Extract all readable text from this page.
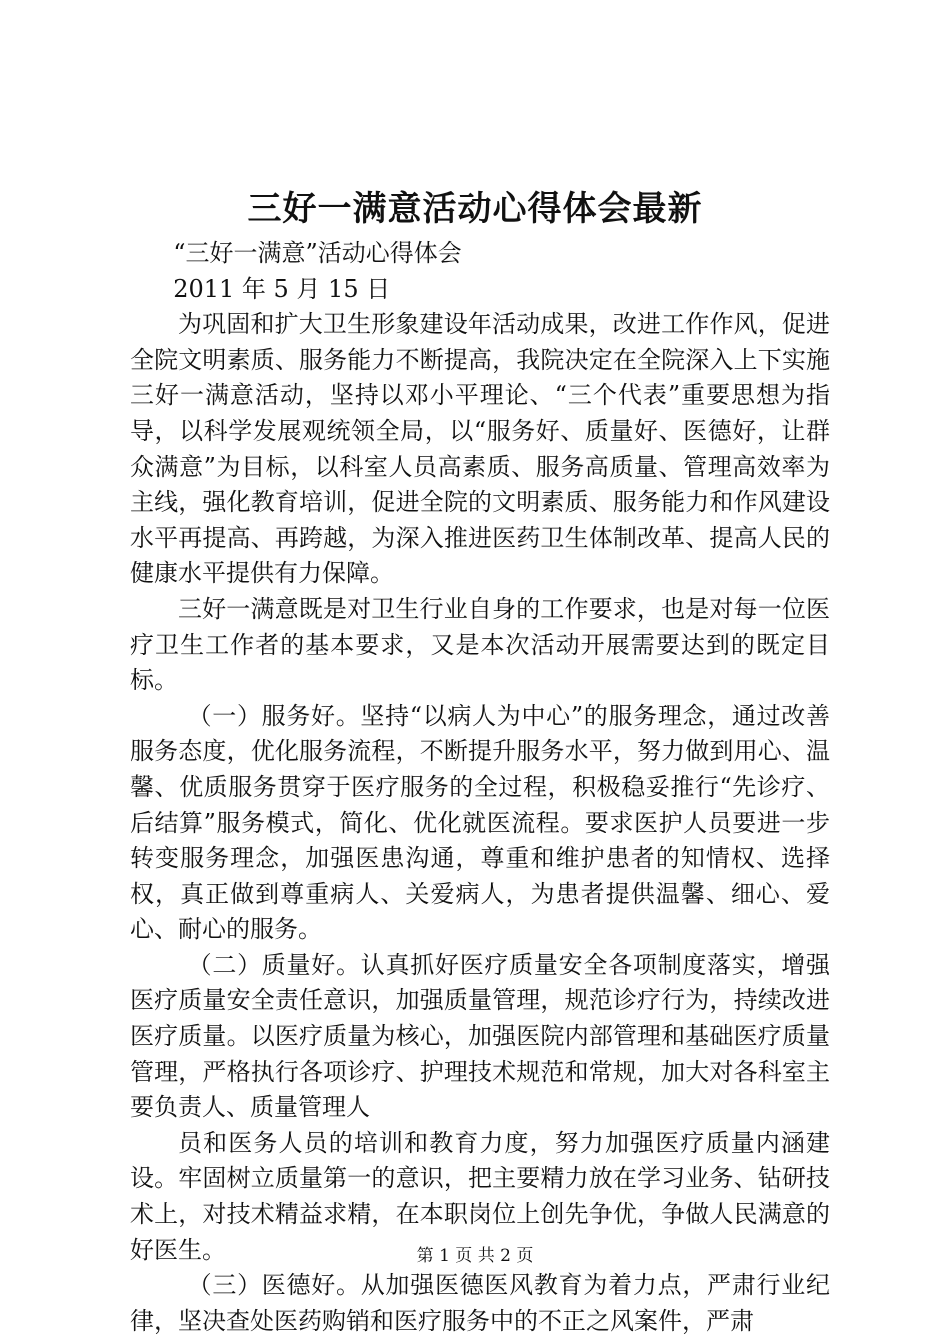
三好一满意活动心得体会最新

“三好一满意”活动心得体会

2011 年 5 月 15 日

为巩固和扩大卫生形象建设年活动成果，改进工作作风，促进全院文明素质、服务能力不断提高，我院决定在全院深入上下实施三好一满意活动，坚持以邓小平理论、“三个代表”重要思想为指导，以科学发展观统领全局，以“服务好、质量好、医德好，让群众满意”为目标，以科室人员高素质、服务高质量、管理高效率为主线，强化教育培训，促进全院的文明素质、服务能力和作风建设水平再提高、再跨越，为深入推进医药卫生体制改革、提高人民的健康水平提供有力保障。

三好一满意既是对卫生行业自身的工作要求，也是对每一位医疗卫生工作者的基本要求，又是本次活动开展需要达到的既定目标。

（一）服务好。坚持“以病人为中心”的服务理念，通过改善服务态度，优化服务流程，不断提升服务水平，努力做到用心、温馨、优质服务贯穿于医疗服务的全过程，积极稳妥推行“先诊疗、后结算”服务模式，简化、优化就医流程。要求医护人员要进一步转变服务理念，加强医患沟通，尊重和维护患者的知情权、选择权，真正做到尊重病人、关爱病人，为患者提供温馨、细心、爱心、耐心的服务。

（二）质量好。认真抓好医疗质量安全各项制度落实，增强医疗质量安全责任意识，加强质量管理，规范诊疗行为，持续改进医疗质量。以医疗质量为核心，加强医院内部管理和基础医疗质量管理，严格执行各项诊疗、护理技术规范和常规，加大对各科室主要负责人、质量管理人

员和医务人员的培训和教育力度，努力加强医疗质量内涵建设。牢固树立质量第一的意识，把主要精力放在学习业务、钻研技术上，对技术精益求精，在本职岗位上创先争优，争做人民满意的好医生。

（三）医德好。从加强医德医风教育为着力点，严肃行业纪律，坚决查处医药购销和医疗服务中的不正之风案件，严肃

第 1 页 共 2 页
